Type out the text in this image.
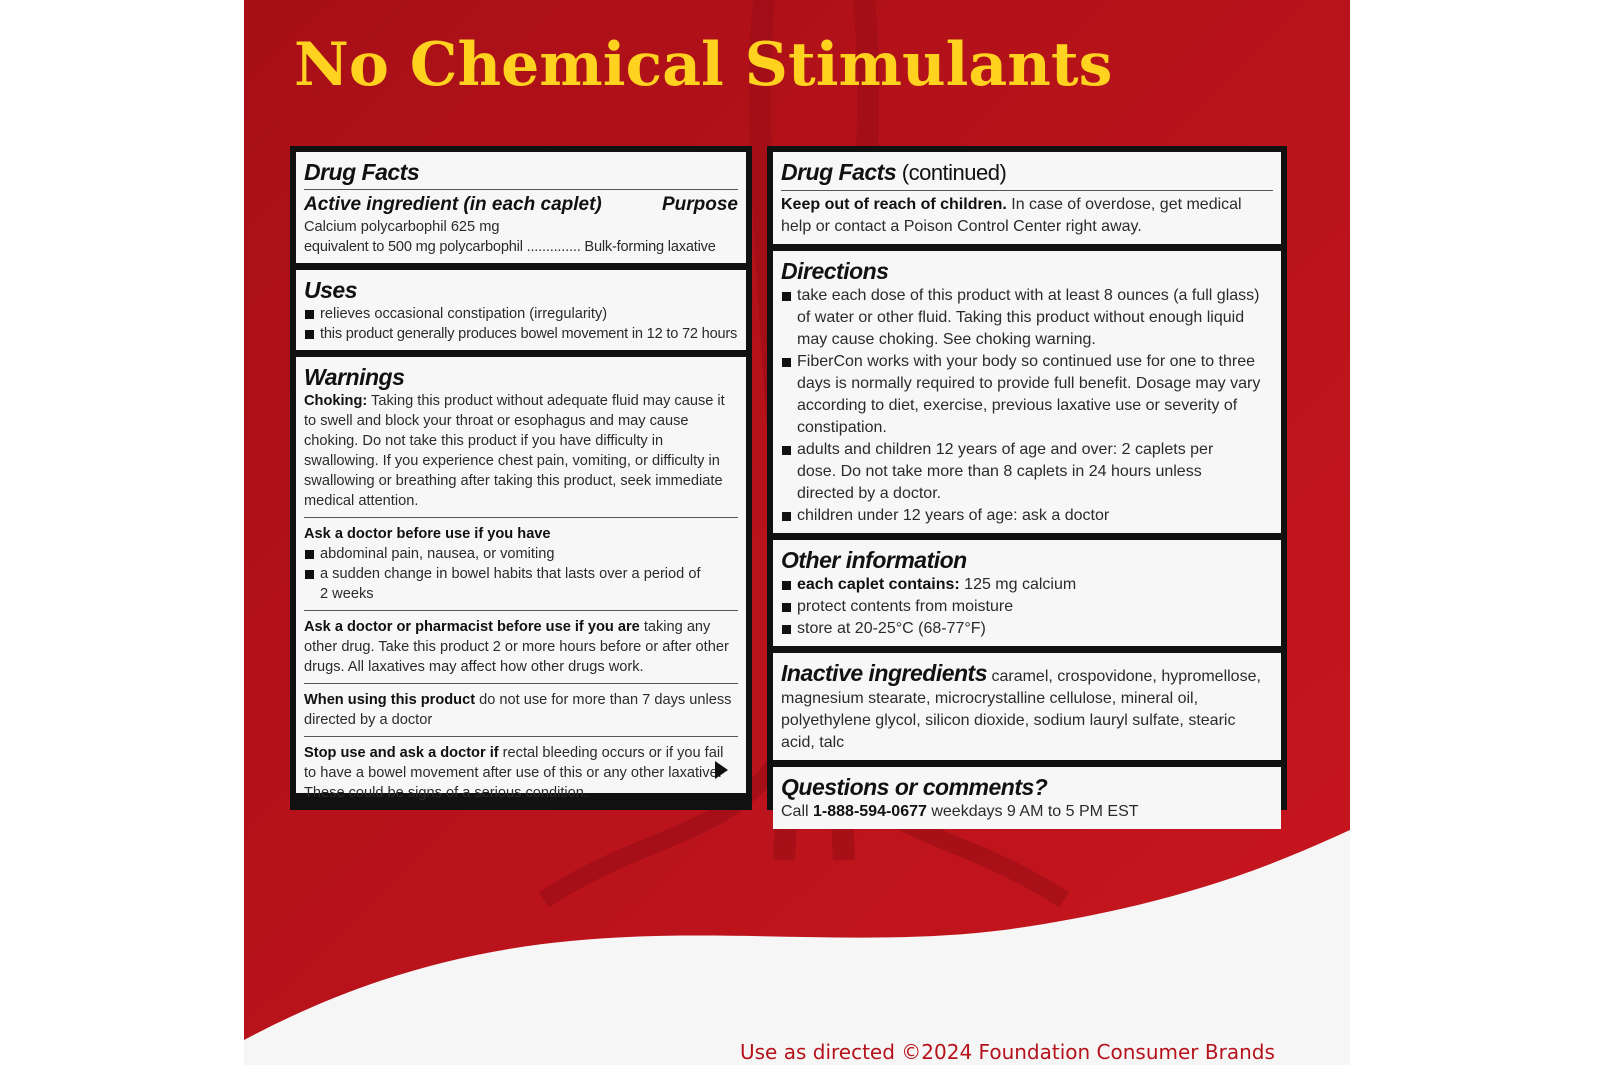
No Chemical Stimulants
Drug Facts
Active ingredient (in each caplet)	Purpose
Calcium polycarbophil 625 mg
equivalent to 500 mg polycarbophil .............. Bulk-forming laxative
Uses
relieves occasional constipation (irregularity)
this product generally produces bowel movement in 12 to 72 hours
Warnings
Choking: Taking this product without adequate fluid may cause it to swell and block your throat or esophagus and may cause choking. Do not take this product if you have difficulty in swallowing. If you experience chest pain, vomiting, or difficulty in swallowing or breathing after taking this product, seek immediate medical attention.
Ask a doctor before use if you have
abdominal pain, nausea, or vomiting
a sudden change in bowel habits that lasts over a period of 2 weeks
Ask a doctor or pharmacist before use if you are taking any other drug. Take this product 2 or more hours before or after other drugs. All laxatives may affect how other drugs work.
When using this product do not use for more than 7 days unless directed by a doctor
Stop use and ask a doctor if rectal bleeding occurs or if you fail to have a bowel movement after use of this or any other laxative. These could be signs of a serious condition.
Drug Facts (continued)
Keep out of reach of children. In case of overdose, get medical help or contact a Poison Control Center right away.
Directions
take each dose of this product with at least 8 ounces (a full glass) of water or other fluid. Taking this product without enough liquid may cause choking. See choking warning.
FiberCon works with your body so continued use for one to three days is normally required to provide full benefit. Dosage may vary according to diet, exercise, previous laxative use or severity of constipation.
adults and children 12 years of age and over: 2 caplets per dose. Do not take more than 8 caplets in 24 hours unless directed by a doctor.
children under 12 years of age: ask a doctor
Other information
each caplet contains: 125 mg calcium
protect contents from moisture
store at 20-25°C (68-77°F)
Inactive ingredients caramel, crospovidone, hypromellose, magnesium stearate, microcrystalline cellulose, mineral oil, polyethylene glycol, silicon dioxide, sodium lauryl sulfate, stearic acid, talc
Questions or comments?
Call 1-888-594-0677 weekdays 9 AM to 5 PM EST
Use as directed ©2024 Foundation Consumer Brands
